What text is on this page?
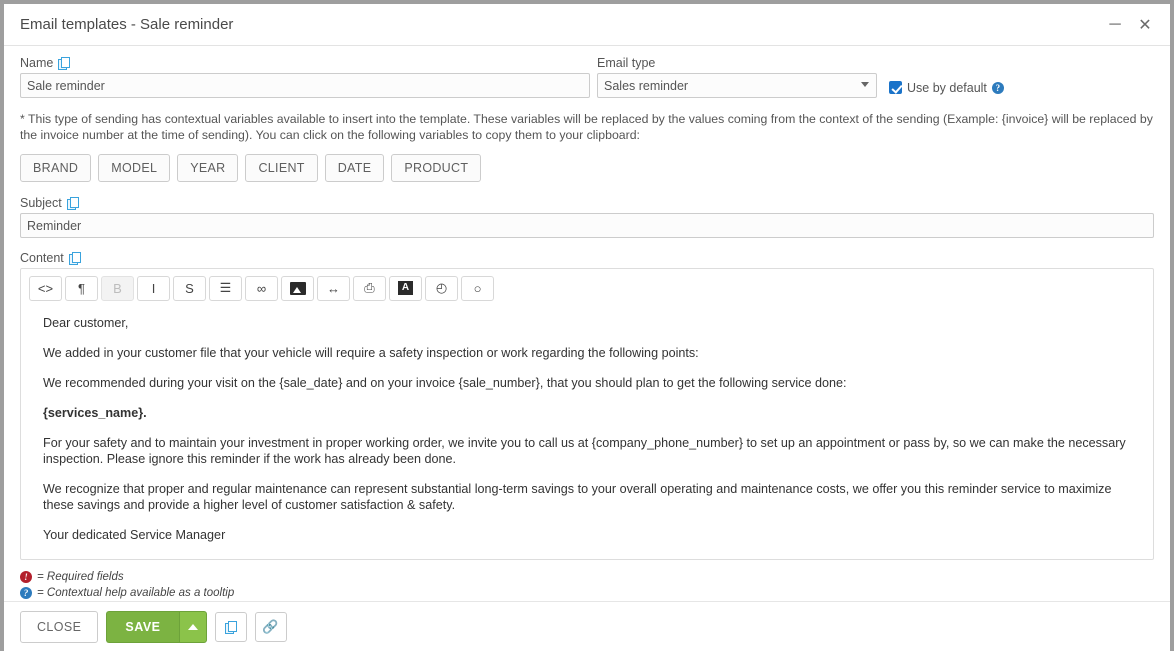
Email templates - Sale reminder	─	✕
Name
Sale reminder	Email type
Sales reminder
Use by default ?
* This type of sending has contextual variables available to insert into the template. These variables will be replaced by the values coming from the context of the sending (Example: {invoice} will be replaced by the invoice number at the time of sending). You can click on the following variables to copy them to your clipboard:
BRAND	MODEL	YEAR	CLIENT	DATE	PRODUCT
Subject
Reminder
Content
<>	¶	B	I	S	☰	∞	↔	⎙	A	◴	○

Dear customer,

We added in your customer file that your vehicle will require a safety inspection or work regarding the following points:

We recommended during your visit on the {sale_date} and on your invoice {sale_number}, that you should plan to get the following service done:

{services_name}.

For your safety and to maintain your investment in proper working order, we invite you to call us at {company_phone_number} to set up an appointment or pass by, so we can make the necessary inspection. Please ignore this reminder if the work has already been done.

We recognize that proper and regular maintenance can represent substantial long-term savings to your overall operating and maintenance costs, we offer you this reminder service to maximize these savings and provide a higher level of customer satisfaction & safety.

Your dedicated Service Manager

! = Required fields
? = Contextual help available as a tooltip
CLOSE	SAVE	🔗
